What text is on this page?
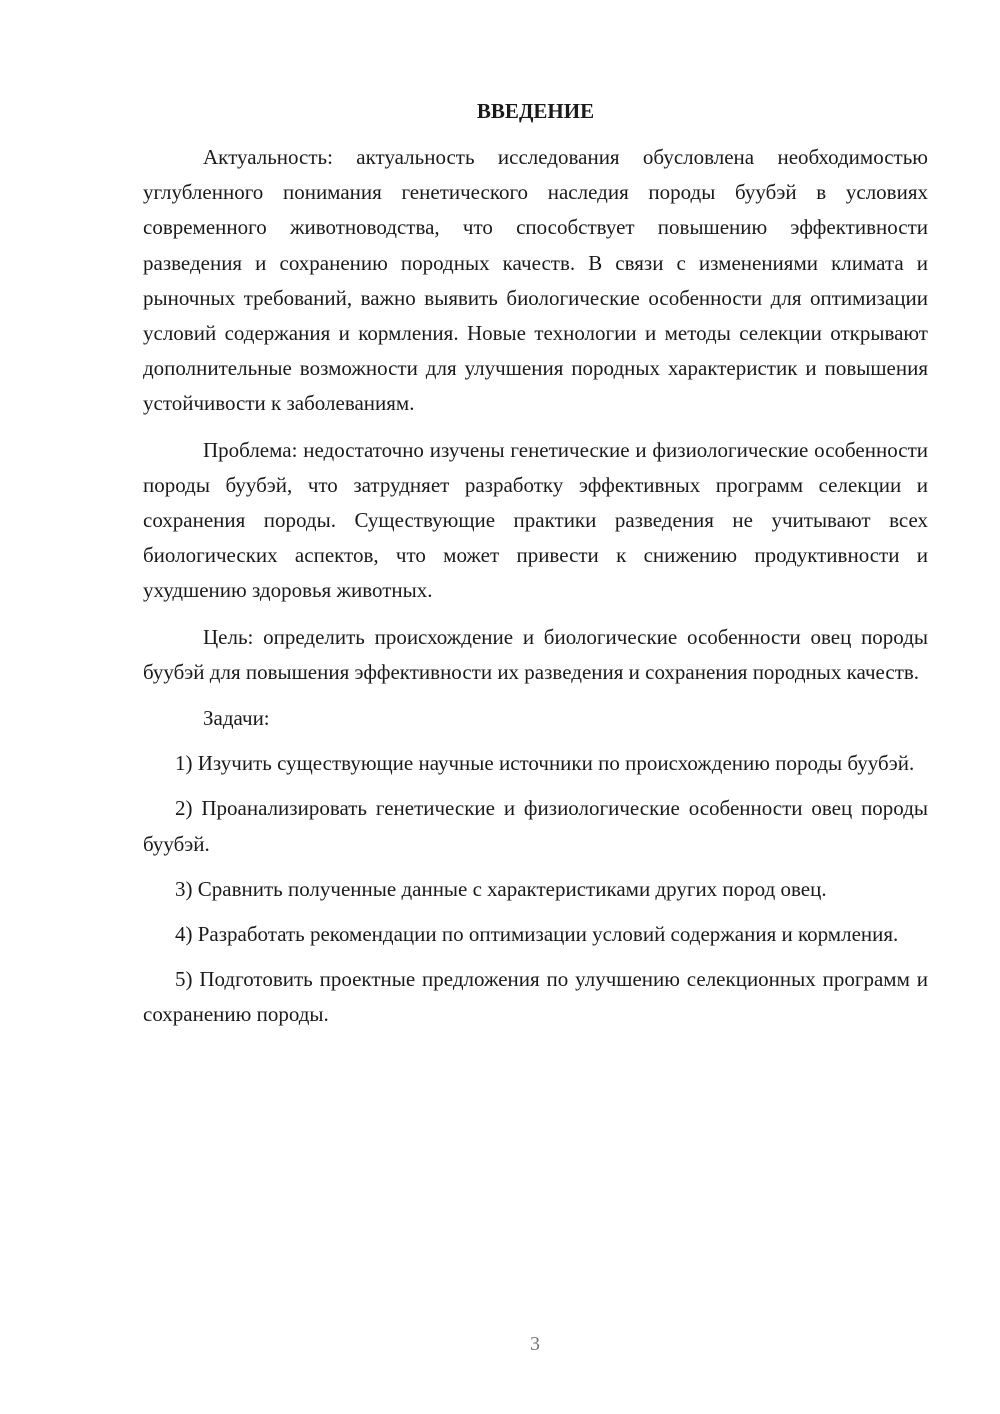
ВВЕДЕНИЕ

Актуальность: актуальность исследования обусловлена необходимостью углубленного понимания генетического наследия породы буубэй в условиях современного животноводства, что способствует повышению эффективности разведения и сохранению породных качеств. В связи с изменениями климата и рыночных требований, важно выявить биологические особенности для оптимизации условий содержания и кормления. Новые технологии и методы селекции открывают дополнительные возможности для улучшения породных характеристик и повышения устойчивости к заболеваниям.

Проблема: недостаточно изучены генетические и физиологические особенности породы буубэй, что затрудняет разработку эффективных программ селекции и сохранения породы. Существующие практики разведения не учитывают всех биологических аспектов, что может привести к снижению продуктивности и ухудшению здоровья животных.

Цель: определить происхождение и биологические особенности овец породы буубэй для повышения эффективности их разведения и сохранения породных качеств.

Задачи:

1) Изучить существующие научные источники по происхождению породы буубэй.

2) Проанализировать генетические и физиологические особенности овец породы буубэй.

3) Сравнить полученные данные с характеристиками других пород овец.

4) Разработать рекомендации по оптимизации условий содержания и кормления.

5) Подготовить проектные предложения по улучшению селекционных программ и сохранению породы.

3
